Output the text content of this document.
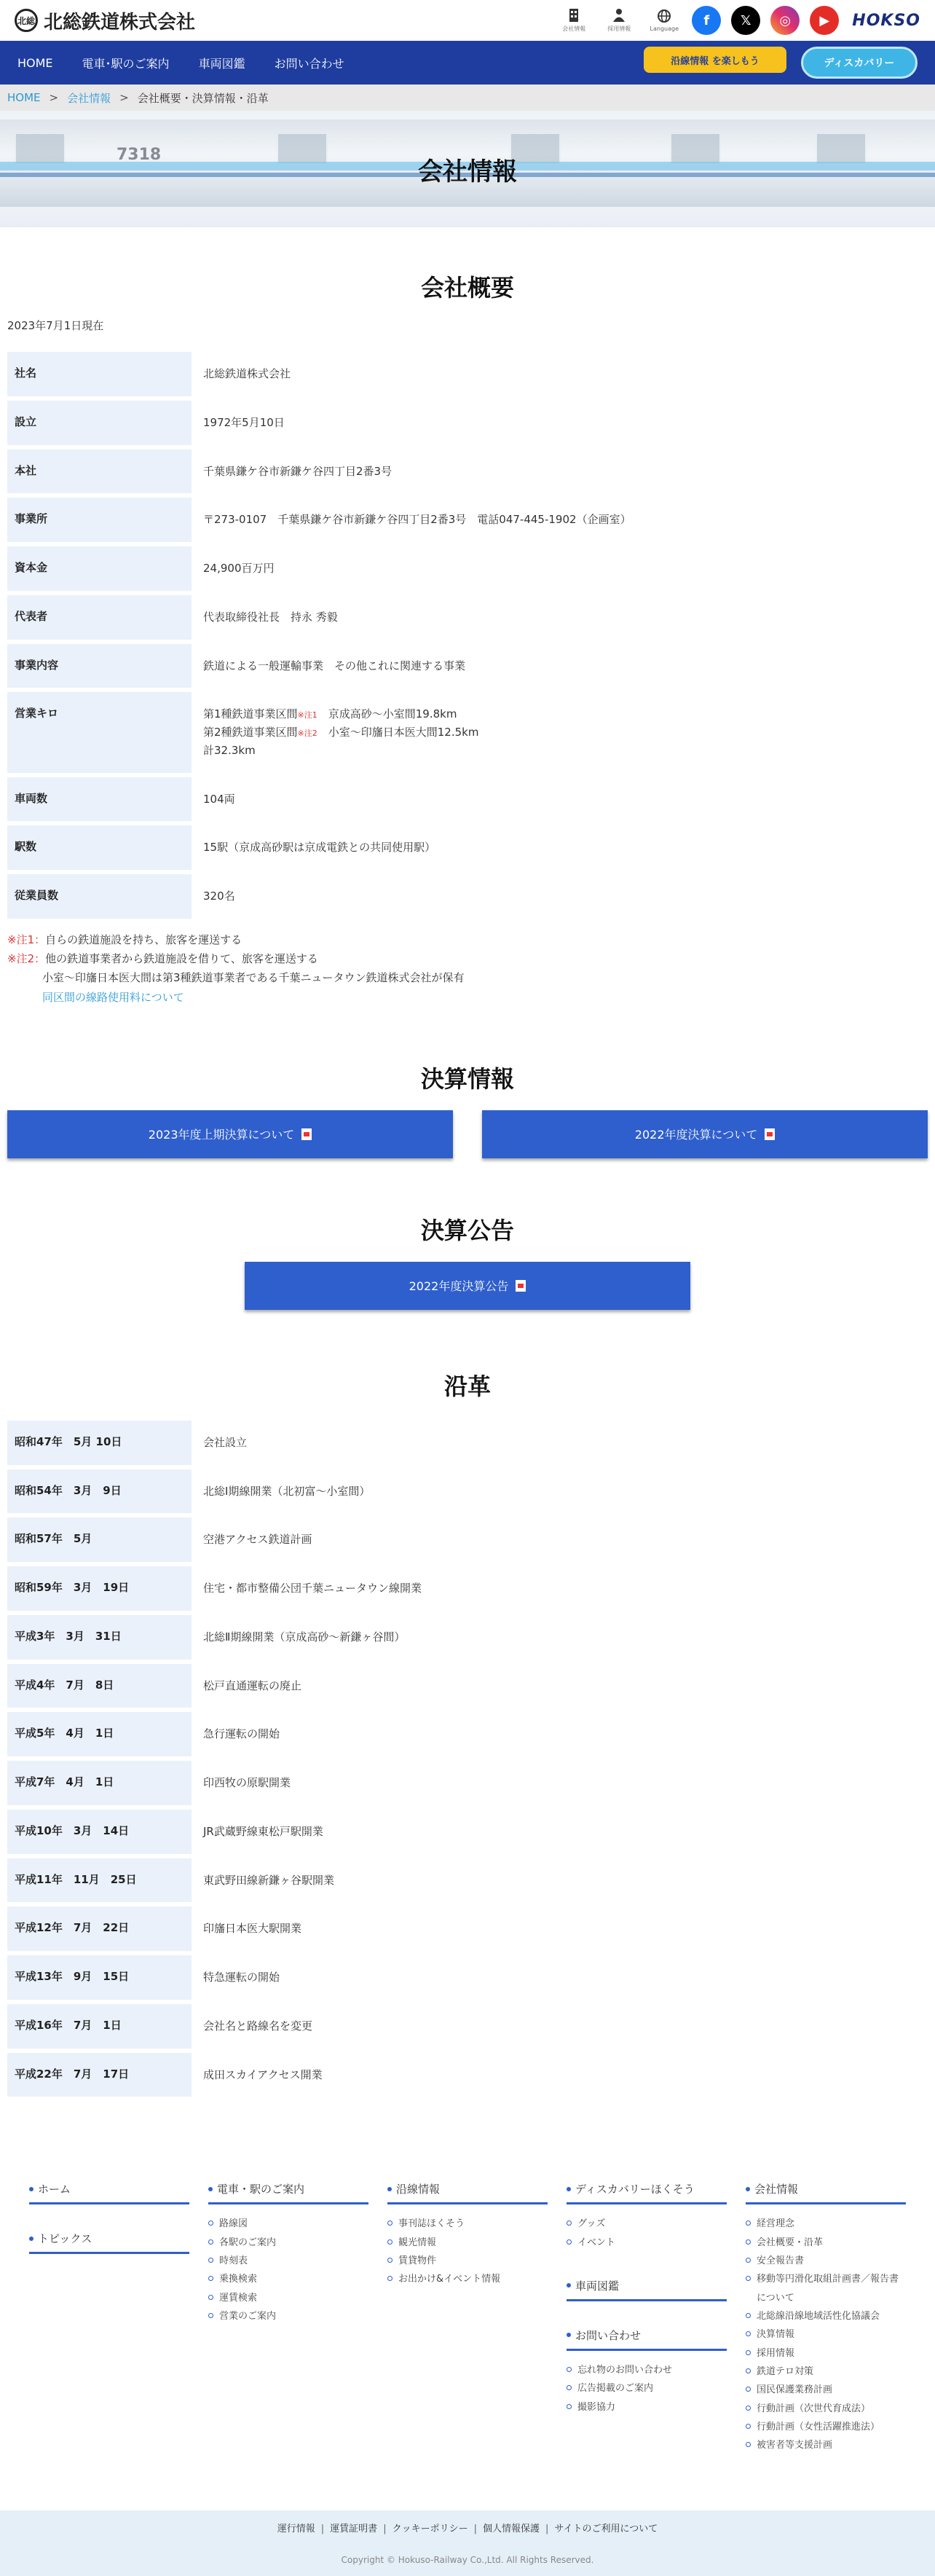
北総 北総鉄道株式会社	会社情報	採用情報	Language
f	𝕏	◎	▶	HOKSO
HOME	電車･駅のご案内	車両図鑑	お問い合わせ	沿線情報 を楽しもう	ディスカバリー
HOME > 会社情報 > 会社概要・決算情報・沿革
7318
会社情報
会社概要
2023年7月1日現在
社名	北総鉄道株式会社
設立	1972年5月10日
本社	千葉県鎌ケ谷市新鎌ケ谷四丁目2番3号
事業所	〒273-0107　千葉県鎌ケ谷市新鎌ケ谷四丁目2番3号　電話047-445-1902（企画室）
資本金	24,900百万円
代表者	代表取締役社長　持永 秀毅
事業内容	鉄道による一般運輸事業　その他これに関連する事業
営業キロ	第1種鉄道事業区間※注1　京成高砂～小室間19.8km
第2種鉄道事業区間※注2　小室～印旛日本医大間12.5km
計32.3km

車両数	104両
駅数	15駅（京成高砂駅は京成電鉄との共同使用駅）
従業員数	320名
※注1：自らの鉄道施設を持ち、旅客を運送する
※注2：他の鉄道事業者から鉄道施設を借りて、旅客を運送する
小室～印旛日本医大間は第3種鉄道事業者である千葉ニュータウン鉄道株式会社が保有
同区間の線路使用料について
決算情報
2023年度上期決算について	2022年度決算について
決算公告
2022年度決算公告
沿革
昭和47年　5月 10日	会社設立
昭和54年　3月　9日	北総Ⅰ期線開業（北初富～小室間）
昭和57年　5月	空港アクセス鉄道計画
昭和59年　3月　19日	住宅・都市整備公団千葉ニュータウン線開業
平成3年　3月　31日	北総Ⅱ期線開業（京成高砂～新鎌ヶ谷間）
平成4年　7月　8日	松戸直通運転の廃止
平成5年　4月　1日	急行運転の開始
平成7年　4月　1日	印西牧の原駅開業
平成10年　3月　14日	JR武蔵野線東松戸駅開業
平成11年　11月　25日	東武野田線新鎌ヶ谷駅開業
平成12年　7月　22日	印旛日本医大駅開業
平成13年　9月　15日	特急運転の開始
平成16年　7月　1日	会社名と路線名を変更
平成22年　7月　17日	成田スカイアクセス開業
ホーム
トピックス
電車・駅のご案内
路線図
各駅のご案内
時刻表
乗換検索
運賃検索
営業のご案内
沿線情報
事刊誌ほくそう
観光情報
賃貸物件
お出かけ&イベント情報
ディスカバリーほくそう
グッズ
イベント
車両図鑑
お問い合わせ
忘れ物のお問い合わせ
広告掲載のご案内
撮影協力
会社情報
経営理念
会社概要・沿革
安全報告書
移動等円滑化取組計画書／報告書について
北総線沿線地域活性化協議会
決算情報
採用情報
鉄道テロ対策
国民保護業務計画
行動計画（次世代育成法）
行動計画（女性活躍推進法）
被害者等支援計画
運行情報 | 運賃証明書 | クッキーポリシー | 個人情報保護 | サイトのご利用について
Copyright © Hokuso-Railway Co.,Ltd. All Rights Reserved.
